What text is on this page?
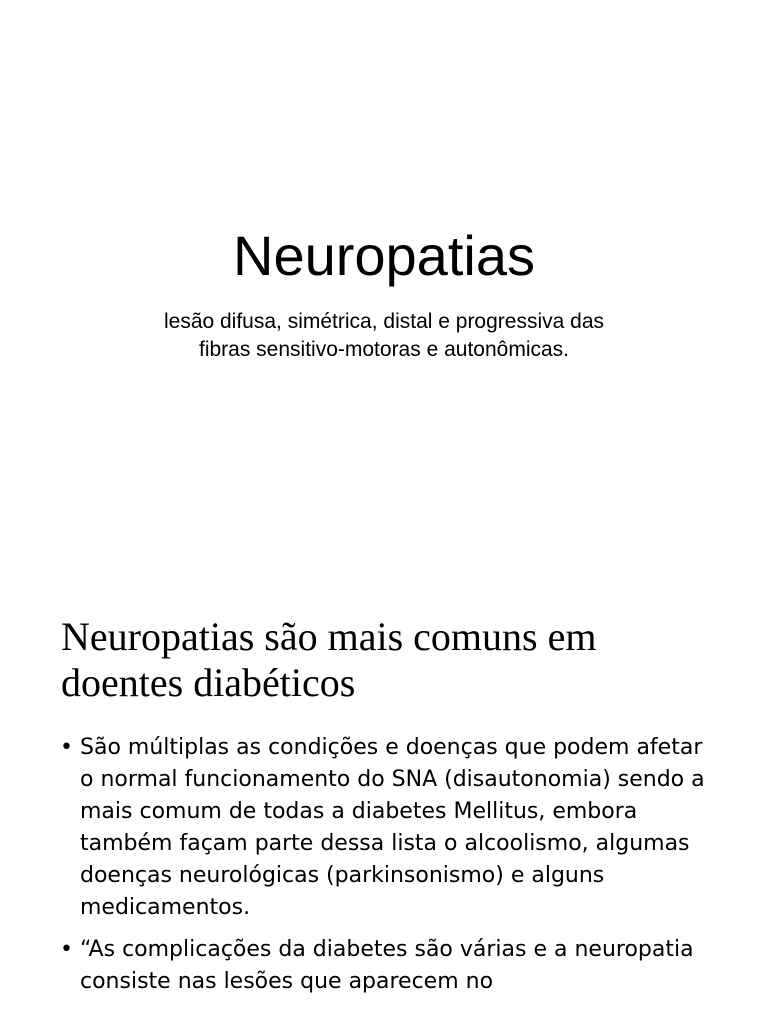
Neuropatias
lesão difusa, simétrica, distal e progressiva das
fibras sensitivo-motoras e autonômicas.
Neuropatias são mais comuns em
doentes diabéticos
• São múltiplas as condições e doenças que podem afetar o normal funcionamento do SNA (disautonomia) sendo a mais comum de todas a diabetes Mellitus, embora também façam parte dessa lista o alcoolismo, algumas doenças neurológicas (parkinsonismo) e alguns medicamentos.
• “As complicações da diabetes são várias e a neuropatia consiste nas lesões que aparecem no
